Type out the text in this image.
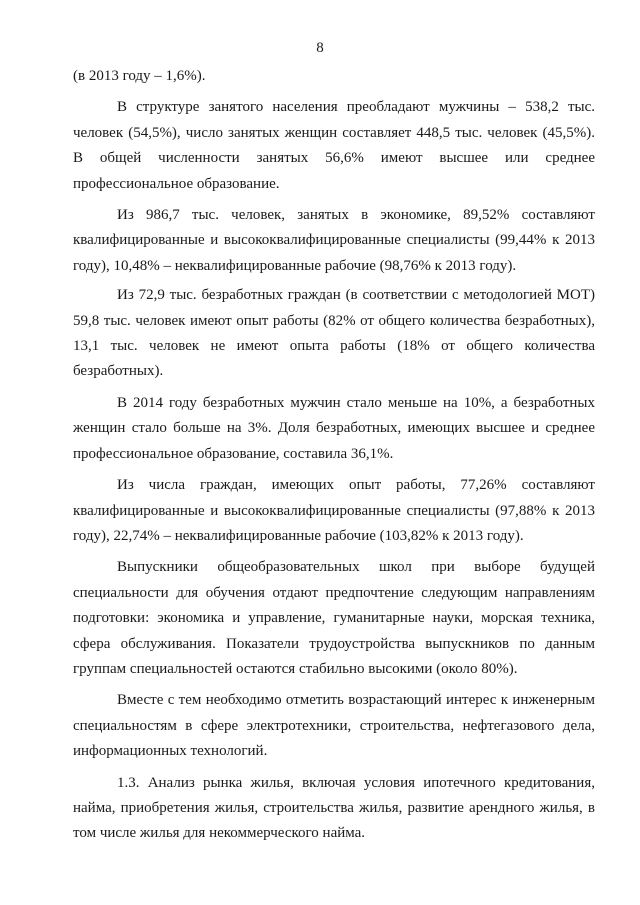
8

(в 2013 году – 1,6%).

В структуре занятого населения преобладают мужчины – 538,2 тыс. человек (54,5%), число занятых женщин составляет 448,5 тыс. человек (45,5%). В общей численности занятых 56,6% имеют высшее или среднее профессиональное образование.

Из 986,7 тыс. человек, занятых в экономике, 89,52% составляют квалифицированные и высококвалифицированные специалисты (99,44% к 2013 году), 10,48% – неквалифицированные рабочие (98,76% к 2013 году).

Из 72,9 тыс. безработных граждан (в соответствии с методологией МОТ) 59,8 тыс. человек имеют опыт работы (82% от общего количества безработных), 13,1 тыс. человек не имеют опыта работы (18% от общего количества безработных).

В 2014 году безработных мужчин стало меньше на 10%, а безработных женщин стало больше на 3%. Доля безработных, имеющих высшее и среднее профессиональное образование, составила 36,1%.

Из числа граждан, имеющих опыт работы, 77,26% составляют квалифицированные и высококвалифицированные специалисты (97,88% к 2013 году), 22,74% – неквалифицированные рабочие (103,82% к 2013 году).

Выпускники общеобразовательных школ при выборе будущей специальности для обучения отдают предпочтение следующим направлениям подготовки: экономика и управление, гуманитарные науки, морская техника, сфера обслуживания. Показатели трудоустройства выпускников по данным группам специальностей остаются стабильно высокими (около 80%).

Вместе с тем необходимо отметить возрастающий интерес к инженерным специальностям в сфере электротехники, строительства, нефтегазового дела, информационных технологий.

1.3. Анализ рынка жилья, включая условия ипотечного кредитования, найма, приобретения жилья, строительства жилья, развитие арендного жилья, в том числе жилья для некоммерческого найма.
